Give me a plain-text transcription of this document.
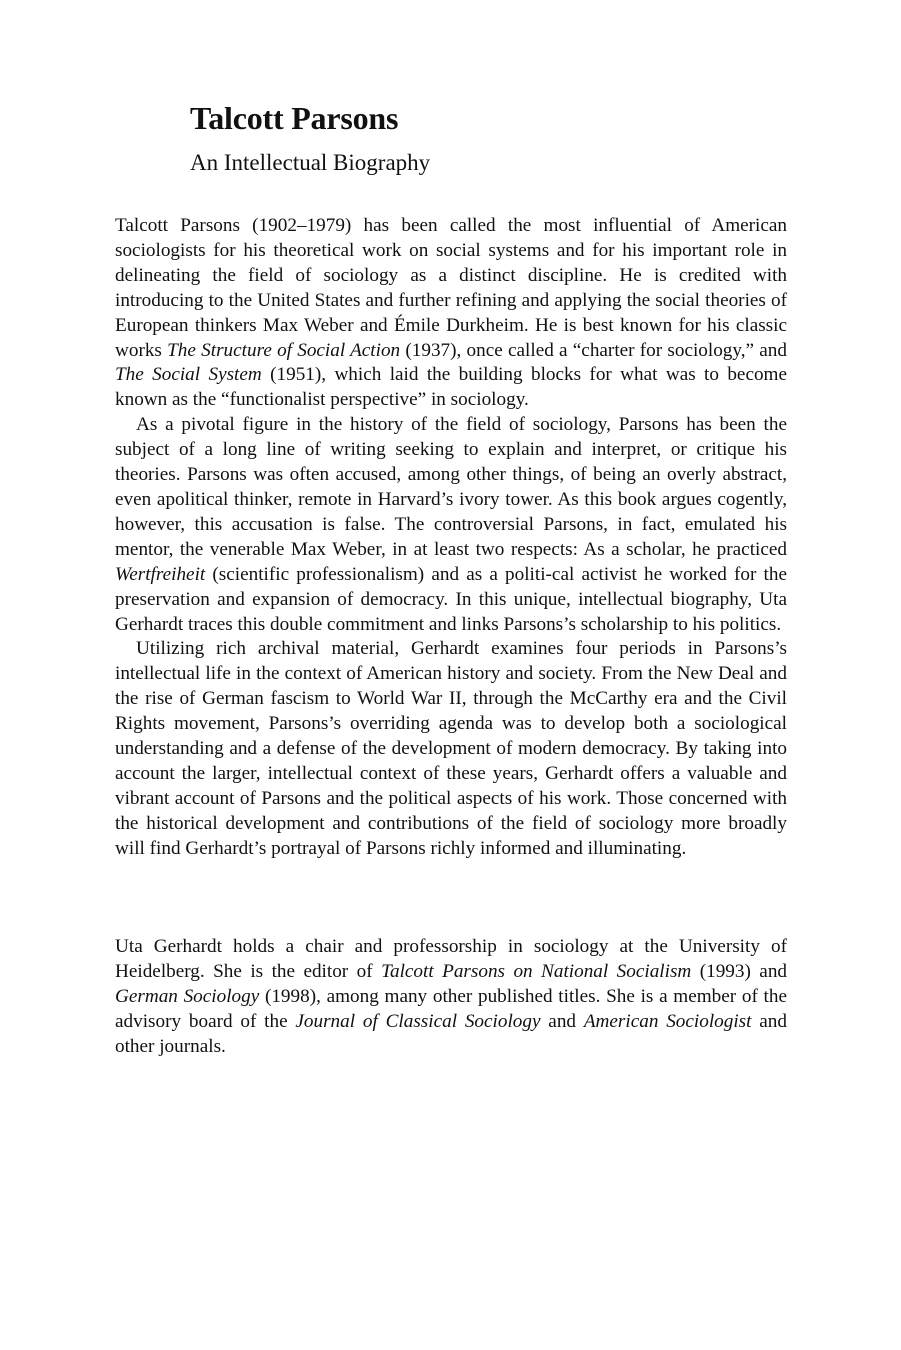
Talcott Parsons
An Intellectual Biography

Talcott Parsons (1902–1979) has been called the most influential of American sociologists for his theoretical work on social systems and for his important role in delineating the field of sociology as a distinct discipline. He is credited with introducing to the United States and further refining and applying the social theories of European thinkers Max Weber and Émile Durkheim. He is best known for his classic works The Structure of Social Action (1937), once called a “charter for sociology,” and The Social System (1951), which laid the building blocks for what was to become known as the “functionalist perspective” in sociology.

As a pivotal figure in the history of the field of sociology, Parsons has been the subject of a long line of writing seeking to explain and interpret, or critique his theories. Parsons was often accused, among other things, of being an overly abstract, even apolitical thinker, remote in Harvard’s ivory tower. As this book argues cogently, however, this accusation is false. The controversial Parsons, in fact, emulated his mentor, the venerable Max Weber, in at least two respects: As a scholar, he practiced Wertfreiheit (scientific professionalism) and as a politi-cal activist he worked for the preservation and expansion of democracy. In this unique, intellectual biography, Uta Gerhardt traces this double commitment and links Parsons’s scholarship to his politics.

Utilizing rich archival material, Gerhardt examines four periods in Parsons’s intellectual life in the context of American history and society. From the New Deal and the rise of German fascism to World War II, through the McCarthy era and the Civil Rights movement, Parsons’s overriding agenda was to develop both a sociological understanding and a defense of the development of modern democracy. By taking into account the larger, intellectual context of these years, Gerhardt offers a valuable and vibrant account of Parsons and the political aspects of his work. Those concerned with the historical development and contributions of the field of sociology more broadly will find Gerhardt’s portrayal of Parsons richly informed and illuminating.

Uta Gerhardt holds a chair and professorship in sociology at the University of Heidelberg. She is the editor of Talcott Parsons on National Socialism (1993) and German Sociology (1998), among many other published titles. She is a member of the advisory board of the Journal of Classical Sociology and American Sociologist and other journals.
